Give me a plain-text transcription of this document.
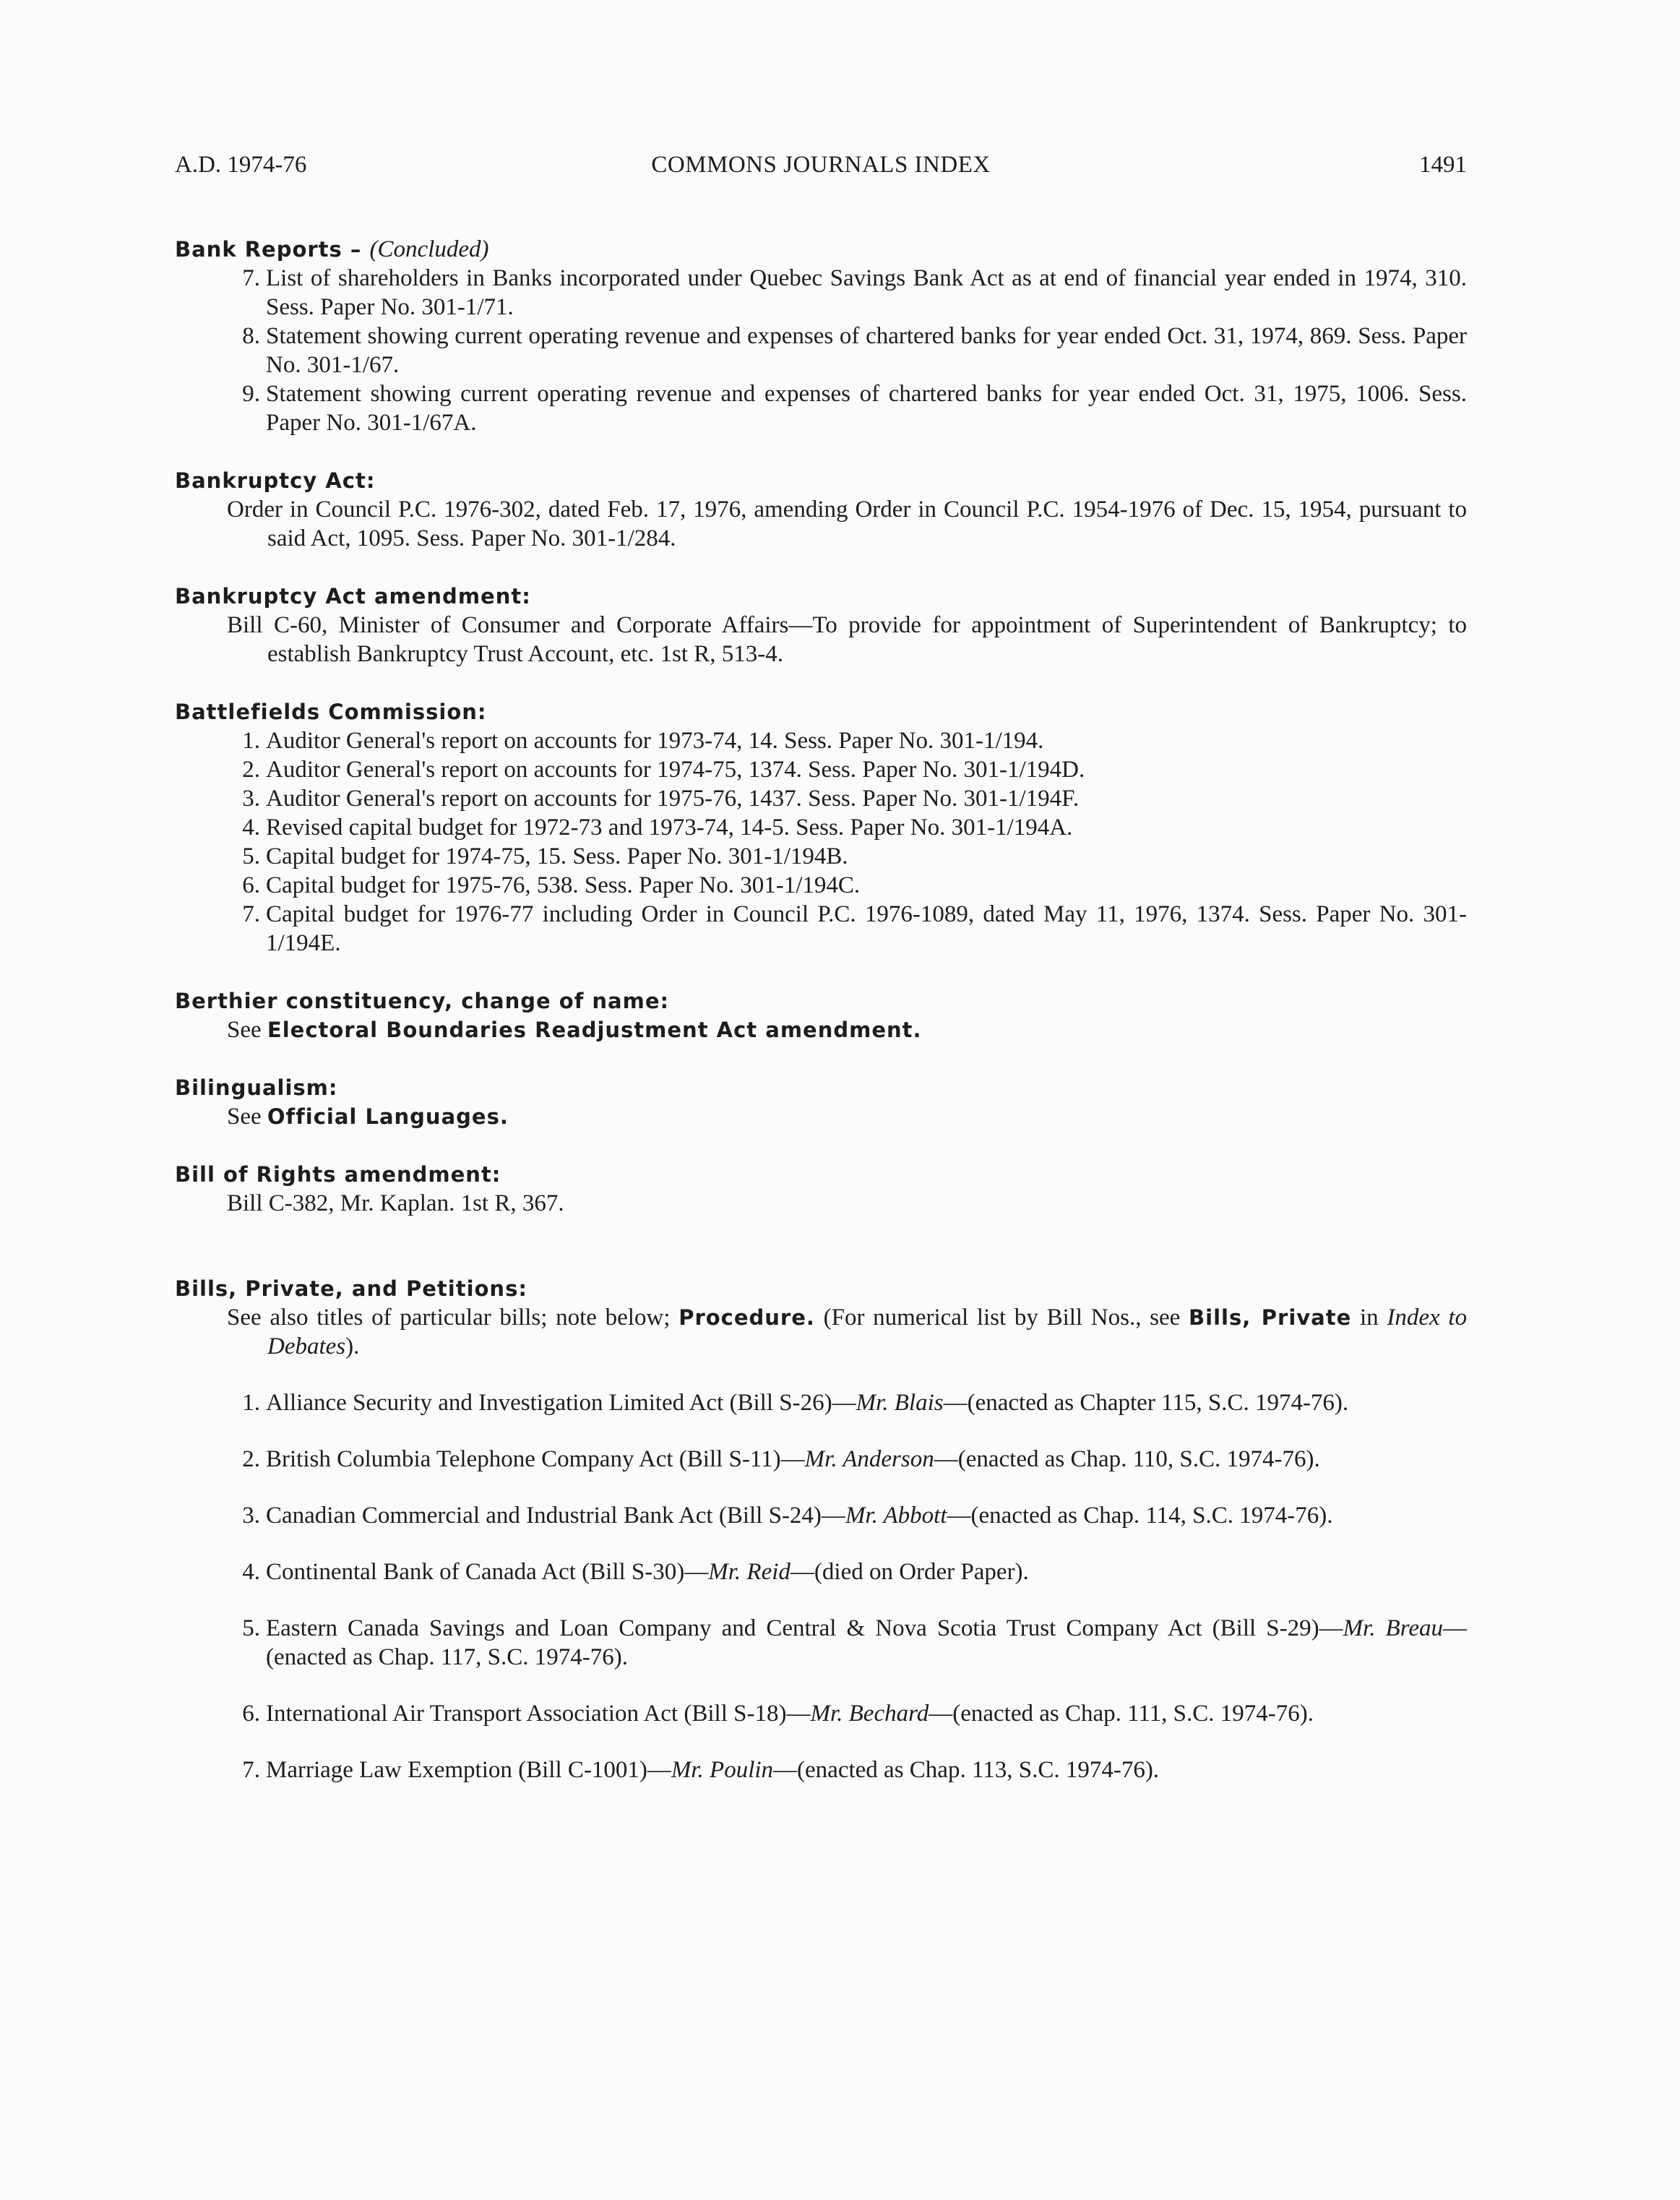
A.D. 1974-76	COMMONS JOURNALS INDEX	1491
Bank Reports – (Concluded)
7. List of shareholders in Banks incorporated under Quebec Savings Bank Act as at end of financial year ended in 1974, 310. Sess. Paper No. 301-1/71.
8. Statement showing current operating revenue and expenses of chartered banks for year ended Oct. 31, 1974, 869. Sess. Paper No. 301-1/67.
9. Statement showing current operating revenue and expenses of chartered banks for year ended Oct. 31, 1975, 1006. Sess. Paper No. 301-1/67A.
Bankruptcy Act:
Order in Council P.C. 1976-302, dated Feb. 17, 1976, amending Order in Council P.C. 1954-1976 of Dec. 15, 1954, pursuant to said Act, 1095. Sess. Paper No. 301-1/284.
Bankruptcy Act amendment:
Bill C-60, Minister of Consumer and Corporate Affairs—To provide for appointment of Superintendent of Bankruptcy; to establish Bankruptcy Trust Account, etc. 1st R, 513-4.
Battlefields Commission:
1. Auditor General's report on accounts for 1973-74, 14. Sess. Paper No. 301-1/194.
2. Auditor General's report on accounts for 1974-75, 1374. Sess. Paper No. 301-1/194D.
3. Auditor General's report on accounts for 1975-76, 1437. Sess. Paper No. 301-1/194F.
4. Revised capital budget for 1972-73 and 1973-74, 14-5. Sess. Paper No. 301-1/194A.
5. Capital budget for 1974-75, 15. Sess. Paper No. 301-1/194B.
6. Capital budget for 1975-76, 538. Sess. Paper No. 301-1/194C.
7. Capital budget for 1976-77 including Order in Council P.C. 1976-1089, dated May 11, 1976, 1374. Sess. Paper No. 301-1/194E.
Berthier constituency, change of name:
See Electoral Boundaries Readjustment Act amendment.
Bilingualism:
See Official Languages.
Bill of Rights amendment:
Bill C-382, Mr. Kaplan. 1st R, 367.
Bills, Private, and Petitions:
See also titles of particular bills; note below; Procedure. (For numerical list by Bill Nos., see Bills, Private in Index to Debates).
1. Alliance Security and Investigation Limited Act (Bill S-26)—Mr. Blais—(enacted as Chapter 115, S.C. 1974-76).
2. British Columbia Telephone Company Act (Bill S-11)—Mr. Anderson—(enacted as Chap. 110, S.C. 1974-76).
3. Canadian Commercial and Industrial Bank Act (Bill S-24)—Mr. Abbott—(enacted as Chap. 114, S.C. 1974-76).
4. Continental Bank of Canada Act (Bill S-30)—Mr. Reid—(died on Order Paper).
5. Eastern Canada Savings and Loan Company and Central & Nova Scotia Trust Company Act (Bill S-29)—Mr. Breau—(enacted as Chap. 117, S.C. 1974-76).
6. International Air Transport Association Act (Bill S-18)—Mr. Bechard—(enacted as Chap. 111, S.C. 1974-76).
7. Marriage Law Exemption (Bill C-1001)—Mr. Poulin—(enacted as Chap. 113, S.C. 1974-76).
